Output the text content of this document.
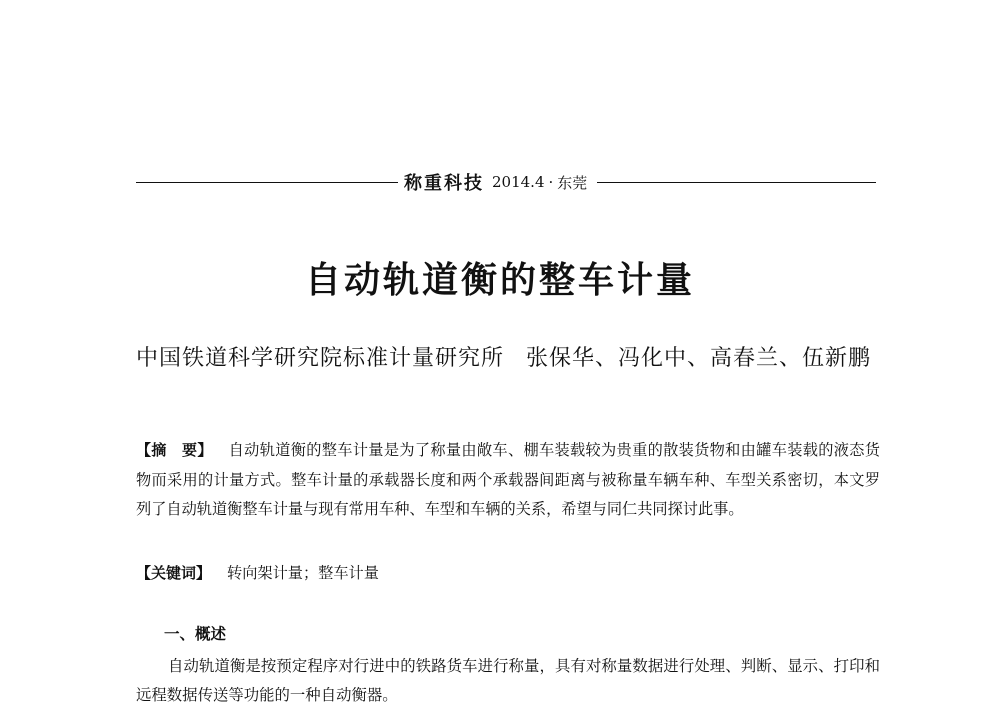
称重科技 2014.4 · 东莞
自动轨道衡的整车计量
中国铁道科学研究院标准计量研究所 张保华、冯化中、高春兰、伍新鹏

【摘　要】 自动轨道衡的整车计量是为了称量由敞车、棚车装载较为贵重的散装货物和由罐车装载的液态货物而采用的计量方式。整车计量的承载器长度和两个承载器间距离与被称量车辆车种、车型关系密切，本文罗列了自动轨道衡整车计量与现有常用车种、车型和车辆的关系，希望与同仁共同探讨此事。

【关键词】 转向架计量；整车计量

一、概述

自动轨道衡是按预定程序对行进中的铁路货车进行称量，具有对称量数据进行处理、判断、显示、打印和远程数据传送等功能的一种自动衡器。
